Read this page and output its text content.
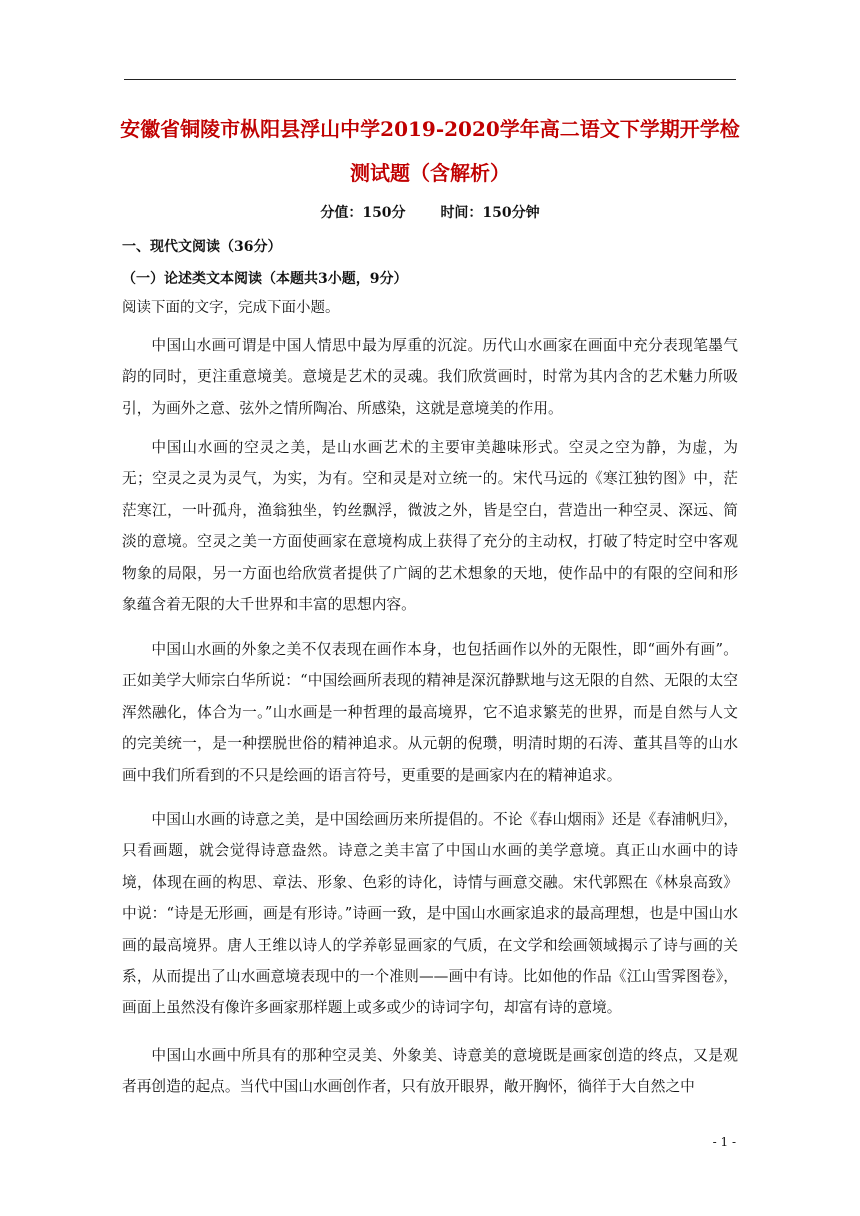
安徽省铜陵市枞阳县浮山中学2019-2020学年高二语文下学期开学检
测试题（含解析）
分值：150分 时间：150分钟
一、现代文阅读（36分）
（一）论述类文本阅读（本题共3小题，9分）
阅读下面的文字，完成下面小题。

中国山水画可谓是中国人情思中最为厚重的沉淀。历代山水画家在画面中充分表现笔墨气韵的同时，更注重意境美。意境是艺术的灵魂。我们欣赏画时，时常为其内含的艺术魅力所吸引，为画外之意、弦外之情所陶冶、所感染，这就是意境美的作用。

中国山水画的空灵之美，是山水画艺术的主要审美趣味形式。空灵之空为静，为虚，为无；空灵之灵为灵气，为实，为有。空和灵是对立统一的。宋代马远的《寒江独钓图》中，茫茫寒江，一叶孤舟，渔翁独坐，钓丝飘浮，微波之外，皆是空白，营造出一种空灵、深远、简淡的意境。空灵之美一方面使画家在意境构成上获得了充分的主动权，打破了特定时空中客观物象的局限，另一方面也给欣赏者提供了广阔的艺术想象的天地，使作品中的有限的空间和形象蕴含着无限的大千世界和丰富的思想内容。

中国山水画的外象之美不仅表现在画作本身，也包括画作以外的无限性，即“画外有画”。正如美学大师宗白华所说：“中国绘画所表现的精神是深沉静默地与这无限的自然、无限的太空浑然融化，体合为一。”山水画是一种哲理的最高境界，它不追求繁芜的世界，而是自然与人文的完美统一，是一种摆脱世俗的精神追求。从元朝的倪瓒，明清时期的石涛、董其昌等的山水画中我们所看到的不只是绘画的语言符号，更重要的是画家内在的精神追求。

中国山水画的诗意之美，是中国绘画历来所提倡的。不论《春山烟雨》还是《春浦帆归》，只看画题，就会觉得诗意盎然。诗意之美丰富了中国山水画的美学意境。真正山水画中的诗境，体现在画的构思、章法、形象、色彩的诗化，诗情与画意交融。宋代郭熙在《林泉高致》中说：“诗是无形画，画是有形诗。”诗画一致，是中国山水画家追求的最高理想，也是中国山水画的最高境界。唐人王维以诗人的学养彰显画家的气质，在文学和绘画领域揭示了诗与画的关系，从而提出了山水画意境表现中的一个准则——画中有诗。比如他的作品《江山雪霁图卷》，画面上虽然没有像许多画家那样题上或多或少的诗词字句，却富有诗的意境。

中国山水画中所具有的那种空灵美、外象美、诗意美的意境既是画家创造的终点，又是观者再创造的起点。当代中国山水画创作者，只有放开眼界，敞开胸怀，徜徉于大自然之中

- 1 -
